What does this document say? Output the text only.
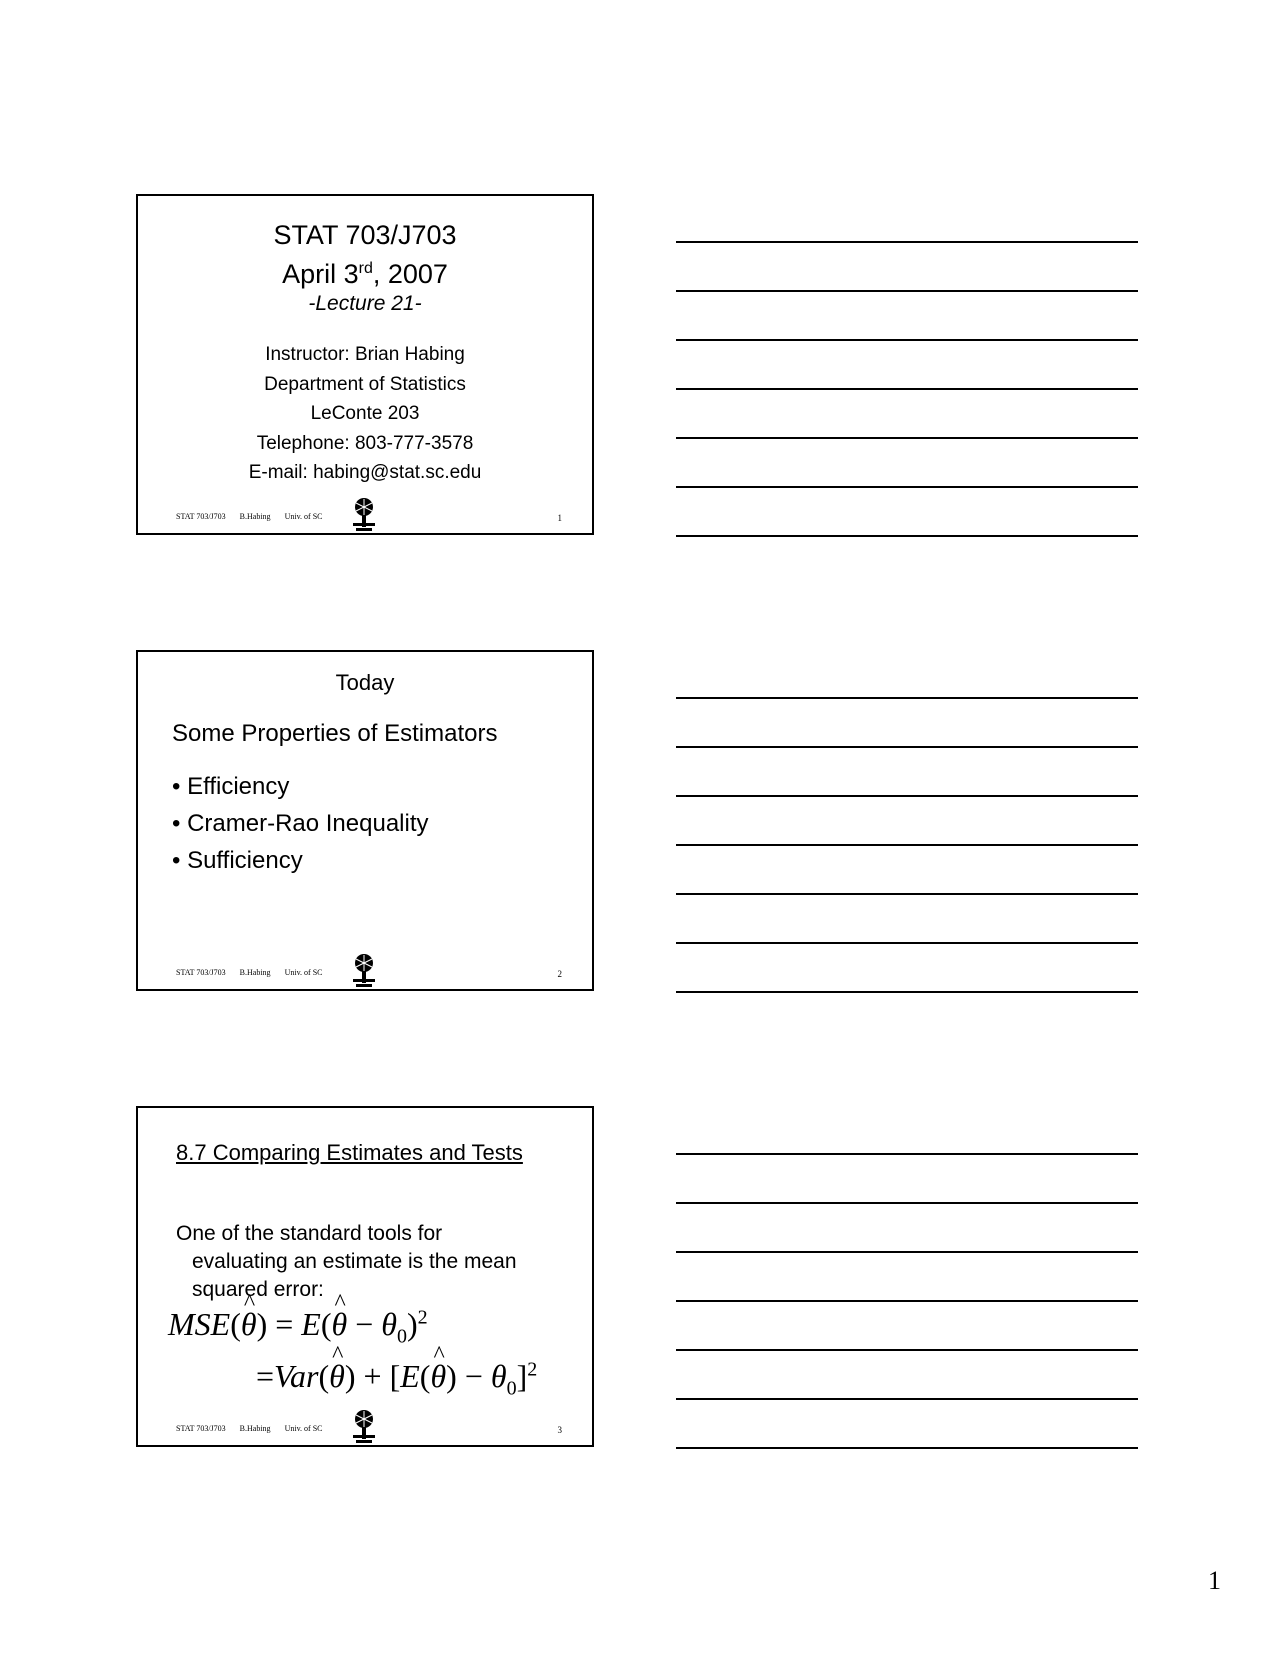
STAT 703/J703
April 3rd, 2007
-Lecture 21-
Instructor: Brian Habing
Department of Statistics
LeConte 203
Telephone: 803-777-3578
E-mail: habing@stat.sc.edu
STAT 703/J703 B.Habing Univ. of SC	1
Today
Some Properties of Estimators
• Efficiency
• Cramer-Rao Inequality
• Sufficiency
STAT 703/J703 B.Habing Univ. of SC	2
8.7 Comparing Estimates and Tests
One of the standard tools for
evaluating an estimate is the mean
squared error:
MSE(^ θ) = E(^ $\theta - \theta_0)^2$
=Var(^ θ) + [E(^ $\theta) - \theta_0]^2$
STAT 703/J703 B.Habing Univ. of SC	3
1
